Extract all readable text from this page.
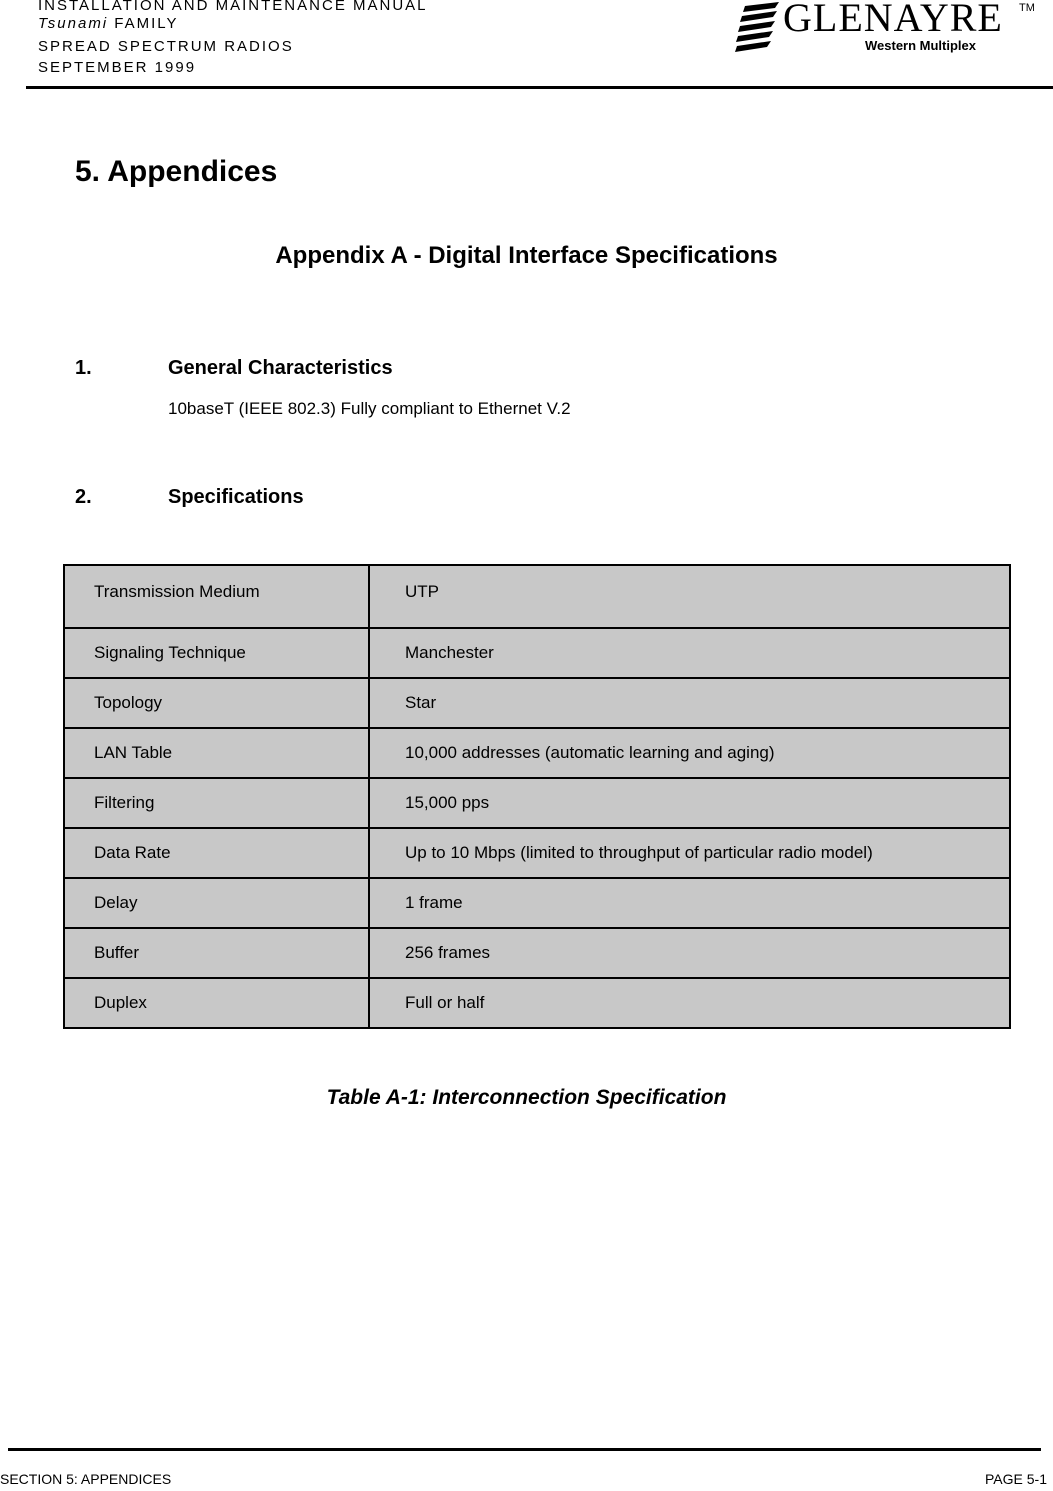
INSTALLATION AND MAINTENANCE MANUAL
Tsunami FAMILY
SPREAD SPECTRUM RADIOS
SEPTEMBER 1999
GLENAYRE TM
Western Multiplex
5. Appendices
Appendix A - Digital Interface Specifications
1.	General Characteristics
10baseT (IEEE 802.3) Fully compliant to Ethernet V.2
2.	Specifications
Transmission Medium	UTP
Signaling Technique	Manchester
Topology	Star
LAN Table	10,000 addresses (automatic learning and aging)
Filtering	15,000 pps
Data Rate	Up to 10 Mbps (limited to throughput of particular radio model)
Delay	1 frame
Buffer	256 frames
Duplex	Full or half
Table A-1: Interconnection Specification
SECTION 5: APPENDICES	PAGE 5-1
